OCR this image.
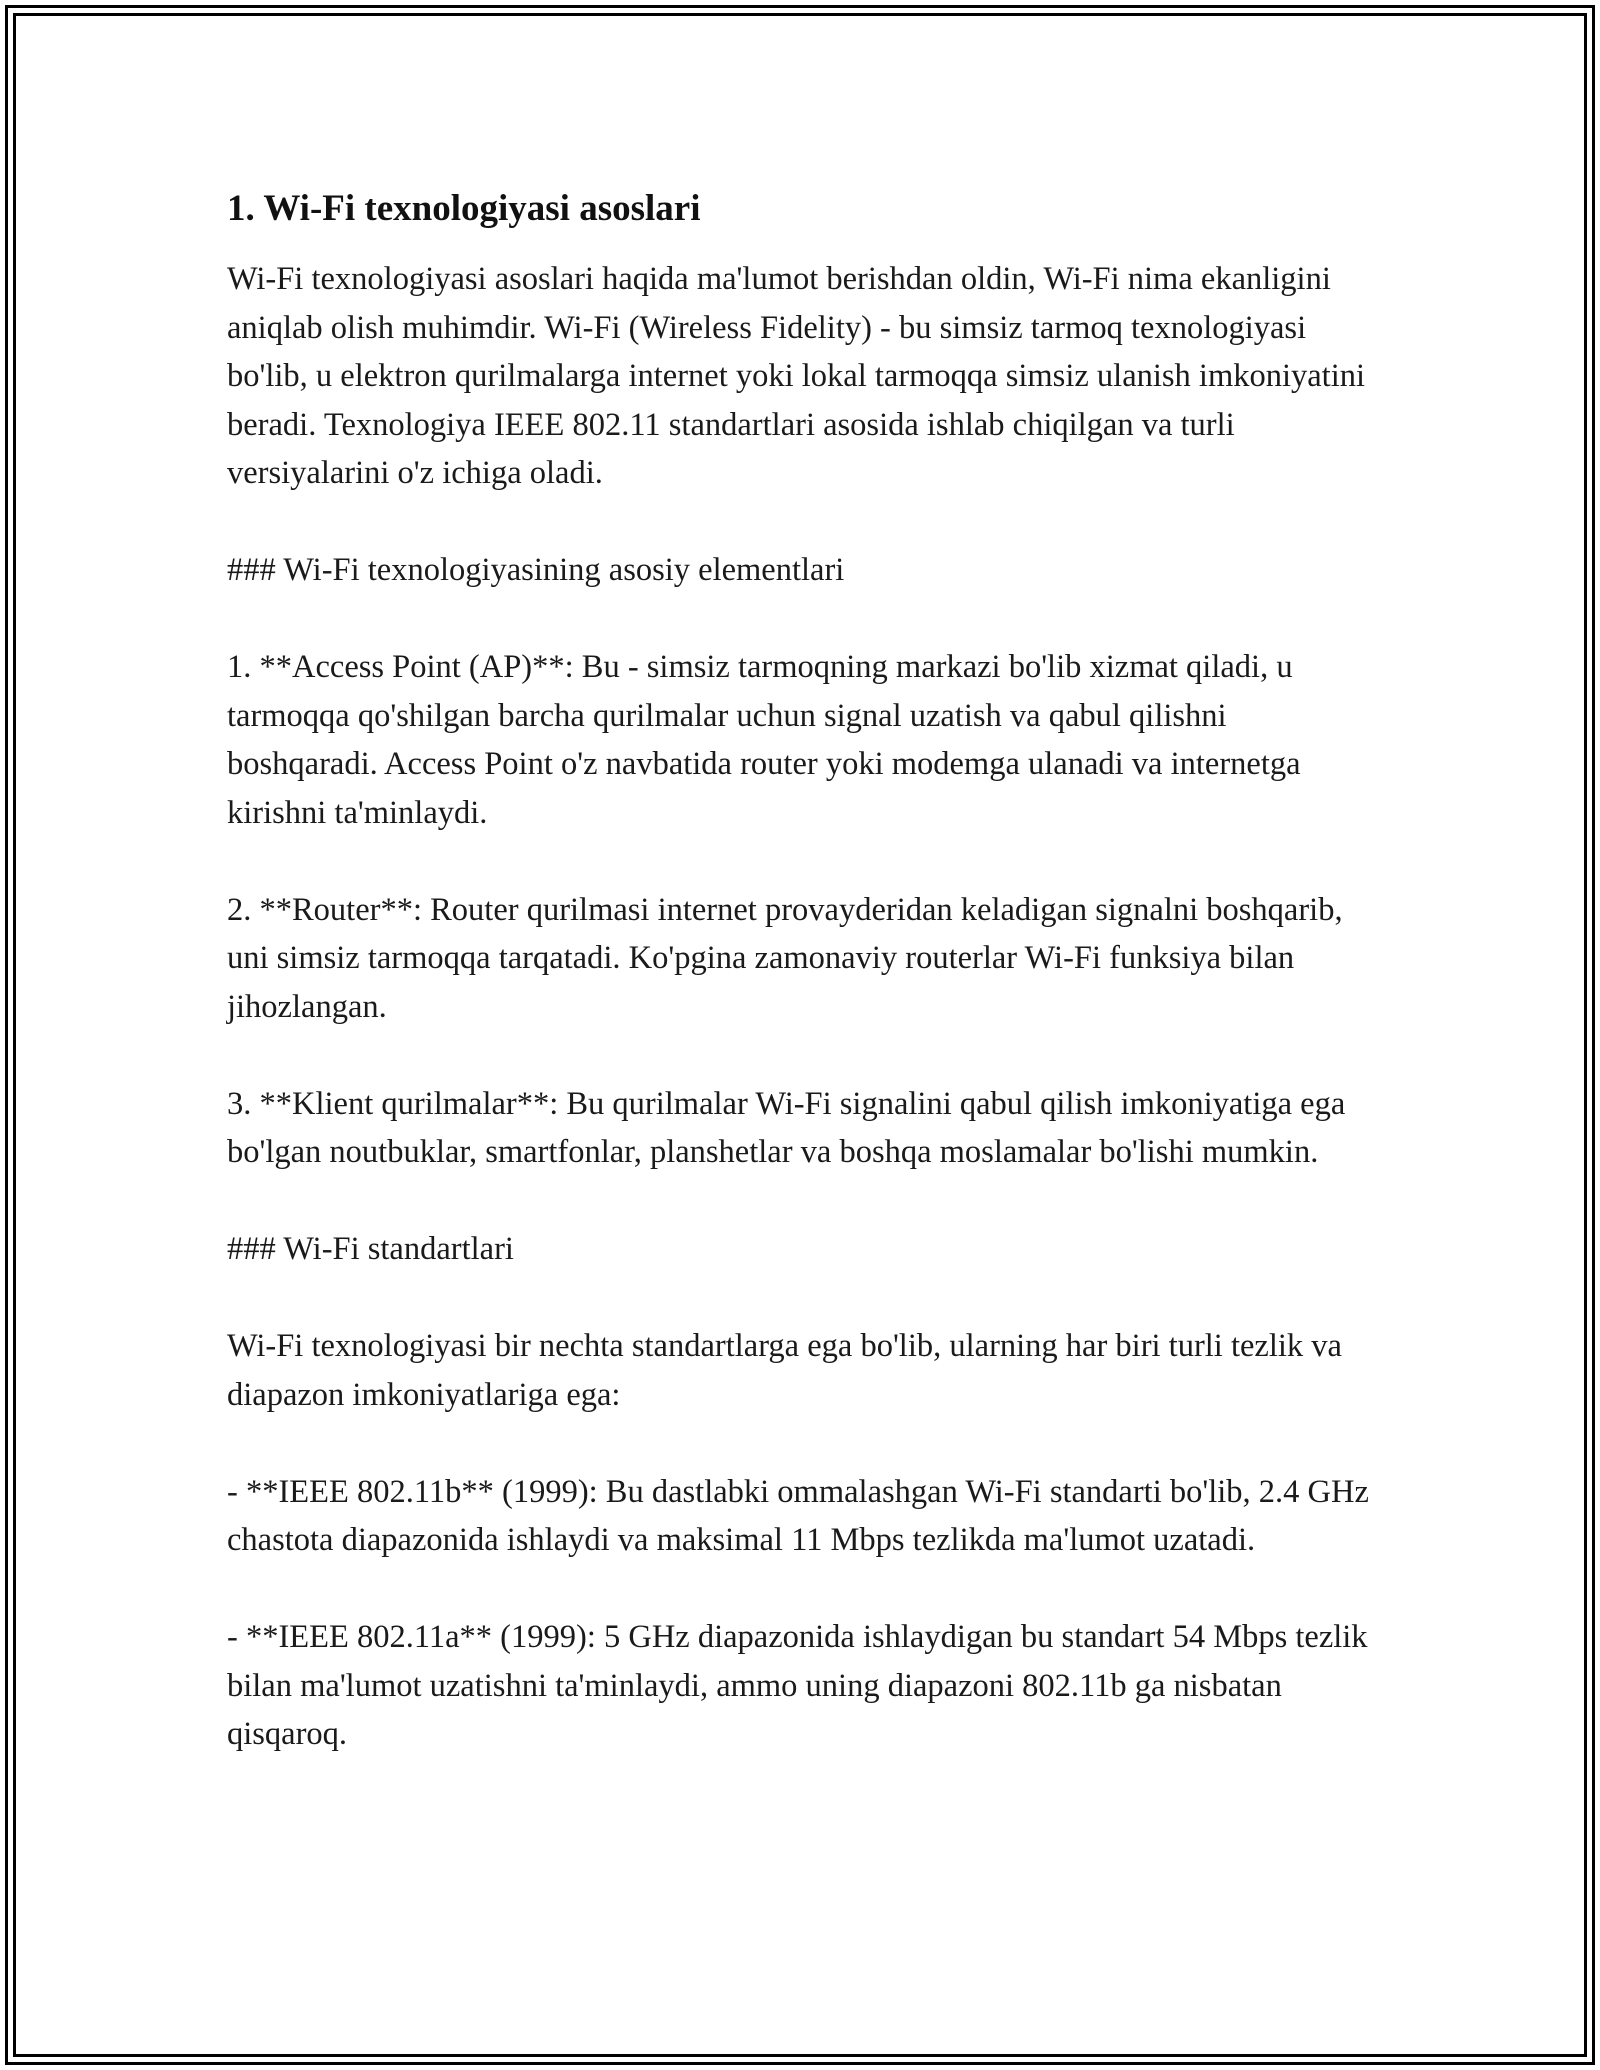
1. Wi-Fi texnologiyasi asoslari

Wi-Fi texnologiyasi asoslari haqida ma'lumot berishdan oldin, Wi-Fi nima ekanligini aniqlab olish muhimdir. Wi-Fi (Wireless Fidelity) - bu simsiz tarmoq texnologiyasi bo'lib, u elektron qurilmalarga internet yoki lokal tarmoqqa simsiz ulanish imkoniyatini beradi. Texnologiya IEEE 802.11 standartlari asosida ishlab chiqilgan va turli versiyalarini o'z ichiga oladi.

### Wi-Fi texnologiyasining asosiy elementlari

1. **Access Point (AP)**: Bu - simsiz tarmoqning markazi bo'lib xizmat qiladi, u tarmoqqa qo'shilgan barcha qurilmalar uchun signal uzatish va qabul qilishni boshqaradi. Access Point o'z navbatida router yoki modemga ulanadi va internetga kirishni ta'minlaydi.

2. **Router**: Router qurilmasi internet provayderidan keladigan signalni boshqarib, uni simsiz tarmoqqa tarqatadi. Ko'pgina zamonaviy routerlar Wi-Fi funksiya bilan jihozlangan.

3. **Klient qurilmalar**: Bu qurilmalar Wi-Fi signalini qabul qilish imkoniyatiga ega bo'lgan noutbuklar, smartfonlar, planshetlar va boshqa moslamalar bo'lishi mumkin.

### Wi-Fi standartlari

Wi-Fi texnologiyasi bir nechta standartlarga ega bo'lib, ularning har biri turli tezlik va diapazon imkoniyatlariga ega:

- **IEEE 802.11b** (1999): Bu dastlabki ommalashgan Wi-Fi standarti bo'lib, 2.4 GHz chastota diapazonida ishlaydi va maksimal 11 Mbps tezlikda ma'lumot uzatadi.

- **IEEE 802.11a** (1999): 5 GHz diapazonida ishlaydigan bu standart 54 Mbps tezlik bilan ma'lumot uzatishni ta'minlaydi, ammo uning diapazoni 802.11b ga nisbatan qisqaroq.
